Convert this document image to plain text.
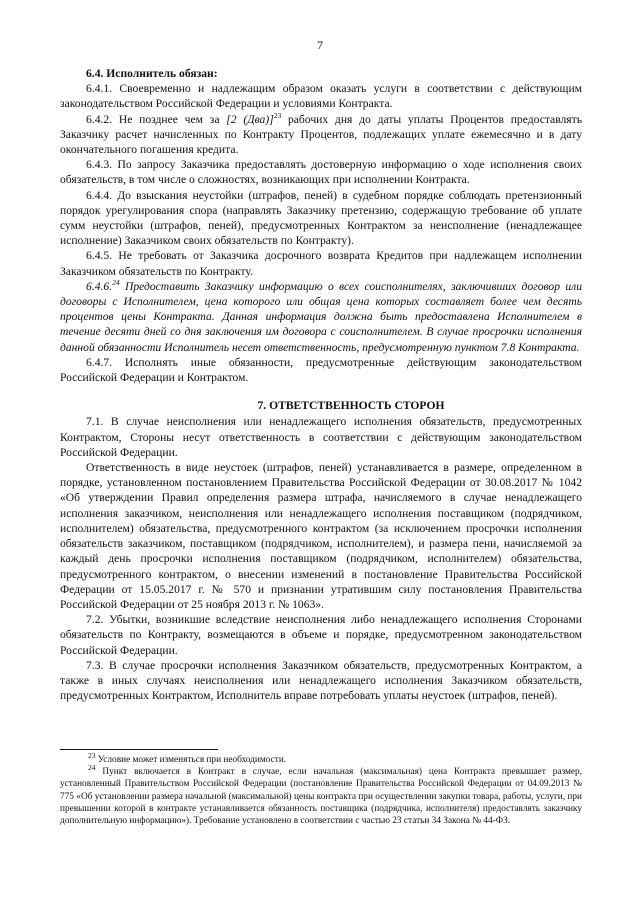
7

6.4. Исполнитель обязан:

6.4.1. Своевременно и надлежащим образом оказать услуги в соответствии с действующим законодательством Российской Федерации и условиями Контракта.

6.4.2. Не позднее чем за [2 (Два)]$^{23}$ рабочих дня до даты уплаты Процентов предоставлять Заказчику расчет начисленных по Контракту Процентов, подлежащих уплате ежемесячно и в дату окончательного погашения кредита.

6.4.3. По запросу Заказчика предоставлять достоверную информацию о ходе исполнения своих обязательств, в том числе о сложностях, возникающих при исполнении Контракта.

6.4.4. До взыскания неустойки (штрафов, пеней) в судебном порядке соблюдать претензионный порядок урегулирования спора (направлять Заказчику претензию, содержащую требование об уплате сумм неустойки (штрафов, пеней), предусмотренных Контрактом за неисполнение (ненадлежащее исполнение) Заказчиком своих обязательств по Контракту).

6.4.5. Не требовать от Заказчика досрочного возврата Кредитов при надлежащем исполнении Заказчиком обязательств по Контракту.

6.4.6.24 Предоставить Заказчику информацию о всех соисполнителях, заключивших договор или договоры с Исполнителем, цена которого или общая цена которых составляет более чем десять процентов цены Контракта. Данная информация должна быть предоставлена Исполнителем в течение десяти дней со дня заключения им договора с соисполнителем. В случае просрочки исполнения данной обязанности Исполнитель несет ответственность, предусмотренную пунктом 7.8 Контракта.

6.4.7. Исполнять иные обязанности, предусмотренные действующим законодательством Российской Федерации и Контрактом.

7. ОТВЕТСТВЕННОСТЬ СТОРОН

7.1. В случае неисполнения или ненадлежащего исполнения обязательств, предусмотренных Контрактом, Стороны несут ответственность в соответствии с действующим законодательством Российской Федерации.

Ответственность в виде неустоек (штрафов, пеней) устанавливается в размере, определенном в порядке, установленном постановлением Правительства Российской Федерации от 30.08.2017 № 1042 «Об утверждении Правил определения размера штрафа, начисляемого в случае ненадлежащего исполнения заказчиком, неисполнения или ненадлежащего исполнения поставщиком (подрядчиком, исполнителем) обязательства, предусмотренного контрактом (за исключением просрочки исполнения обязательств заказчиком, поставщиком (подрядчиком, исполнителем), и размера пени, начисляемой за каждый день просрочки исполнения поставщиком (подрядчиком, исполнителем) обязательства, предусмотренного контрактом, о внесении изменений в постановление Правительства Российской Федерации от 15.05.2017 г. № 570 и признании утратившим силу постановления Правительства Российской Федерации от 25 ноября 2013 г. № 1063».

7.2. Убытки, возникшие вследствие неисполнения либо ненадлежащего исполнения Сторонами обязательств по Контракту, возмещаются в объеме и порядке, предусмотренном законодательством Российской Федерации.

7.3. В случае просрочки исполнения Заказчиком обязательств, предусмотренных Контрактом, а также в иных случаях неисполнения или ненадлежащего исполнения Заказчиком обязательств, предусмотренных Контрактом, Исполнитель вправе потребовать уплаты неустоек (штрафов, пеней).

$^{23}$ Условие может изменяться при необходимости.

$^{24}$ Пункт включается в Контракт в случае, если начальная (максимальная) цена Контракта превышает размер, установленный Правительством Российской Федерации (постановление Правительства Российской Федерации от 04.09.2013 № 775 «Об установлении размера начальной (максимальной) цены контракта при осуществлении закупки товара, работы, услуги, при превышении которой в контракте устанавливается обязанность поставщика (подрядчика, исполнителя) предоставлять заказчику дополнительную информацию»). Требование установлено в соответствии с частью 23 статьи 34 Закона № 44-ФЗ.
